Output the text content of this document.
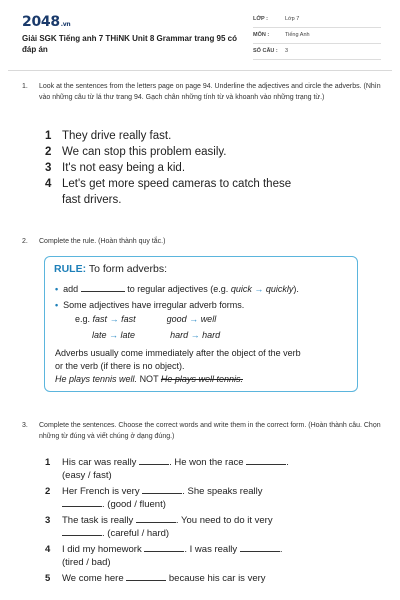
2048.vn
Giải SGK Tiếng anh 7 THiNK Unit 8 Grammar trang 95 có đáp án
LỚP :	Lớp 7
MÔN :	Tiếng Anh
SỐ CÂU : 3
1. Look at the sentences from the letters page on page 94. Underline the adjectives and circle the adverbs. (Nhìn vào những câu từ lá thư trang 94. Gạch chân những tính từ và khoanh vào những trạng từ.)
1 They drive really fast.
2 We can stop this problem easily.
3 It's not easy being a kid.
4 Let's get more speed cameras to catch these fast drivers.
2. Complete the rule. (Hoàn thành quy tắc.)
RULE: To form adverbs:
• add	to regular adjectives (e.g. quick → quickly).
• Some adjectives have irregular adverb forms.
e.g. fast → fast	good → well
late → late	hard → hard
Adverbs usually come immediately after the object of the verb
or the verb (if there is no object).
He plays tennis well. NOT He plays well tennis.
3. Complete the sentences. Choose the correct words and write them in the correct form. (Hoàn thành câu. Chọn những từ đúng và viết chúng ở dạng đúng.)
1 His car was really	. He won the race	.
(easy / fast)
2 Her French is very	. She speaks really
. (good / fluent)
3 The task is really	. You need to do it very
. (careful / hard)
4 I did my homework	. I was really	.
(tired / bad)
5 We come here	because his car is very
